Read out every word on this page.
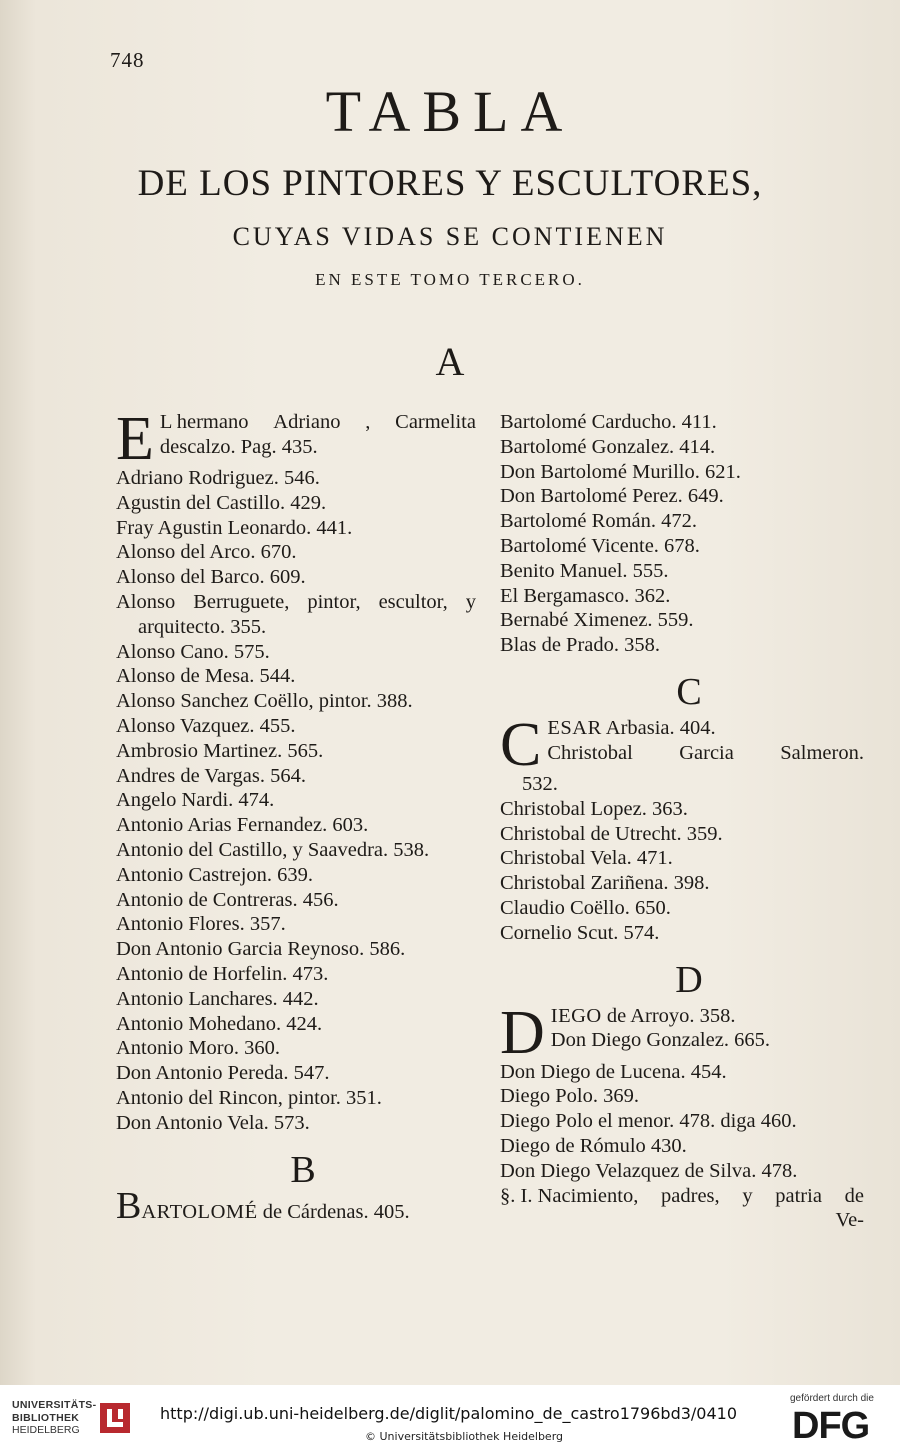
748
TABLA
DE LOS PINTORES Y ESCULTORES,
CUYAS VIDAS SE CONTIENEN
EN ESTE TOMO TERCERO.
A
E L hermano Adriano , Carmelita
descalzo. Pag. 435.
Adriano Rodriguez. 546.
Agustin del Castillo. 429.
Fray Agustin Leonardo. 441.
Alonso del Arco. 670.
Alonso del Barco. 609.
Alonso Berruguete, pintor, escultor, y
arquitecto. 355.
Alonso Cano. 575.
Alonso de Mesa. 544.
Alonso Sanchez Coëllo, pintor. 388.
Alonso Vazquez. 455.
Ambrosio Martinez. 565.
Andres de Vargas. 564.
Angelo Nardi. 474.
Antonio Arias Fernandez. 603.
Antonio del Castillo, y Saavedra. 538.
Antonio Castrejon. 639.
Antonio de Contreras. 456.
Antonio Flores. 357.
Don Antonio Garcia Reynoso. 586.
Antonio de Horfelin. 473.
Antonio Lanchares. 442.
Antonio Mohedano. 424.
Antonio Moro. 360.
Don Antonio Pereda. 547.
Antonio del Rincon, pintor. 351.
Don Antonio Vela. 573.
B
BARTOLOMÉ de Cárdenas. 405.
Bartolomé Carducho. 411.
Bartolomé Gonzalez. 414.
Don Bartolomé Murillo. 621.
Don Bartolomé Perez. 649.
Bartolomé Román. 472.
Bartolomé Vicente. 678.
Benito Manuel. 555.
El Bergamasco. 362.
Bernabé Ximenez. 559.
Blas de Prado. 358.
C
C ESAR Arbasia. 404.
Christobal Garcia Salmeron.
532.
Christobal Lopez. 363.
Christobal de Utrecht. 359.
Christobal Vela. 471.
Christobal Zariñena. 398.
Claudio Coëllo. 650.
Cornelio Scut. 574.
D
D IEGO de Arroyo. 358.
Don Diego Gonzalez. 665.
Don Diego de Lucena. 454.
Diego Polo. 369.
Diego Polo el menor. 478. diga 460.
Diego de Rómulo 430.
Don Diego Velazquez de Silva. 478.
§. I. Nacimiento, padres, y patria de
Ve-
UNIVERSITÄTS-
BIBLIOTHEK
HEIDELBERG
http://digi.ub.uni-heidelberg.de/diglit/palomino_de_castro1796bd3/0410
© Universitätsbibliothek Heidelberg
gefördert durch die
DFG
